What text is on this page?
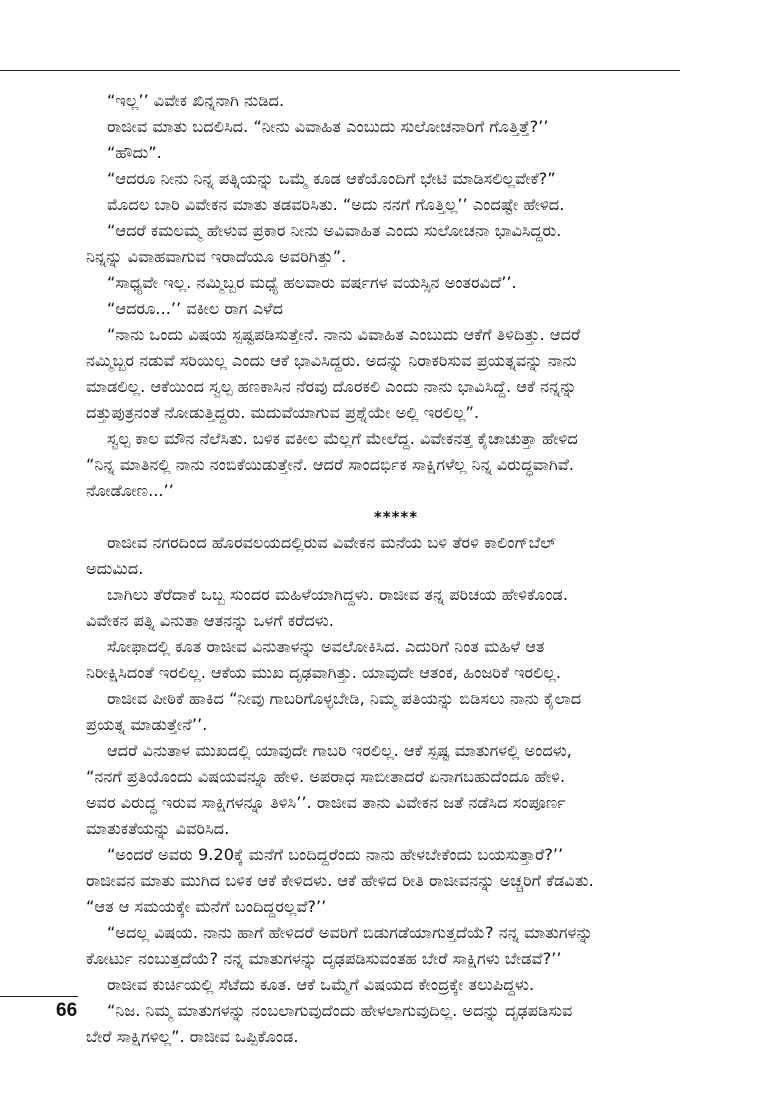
“ಇಲ್ಲ’’ ವಿವೇಕ ಖಿನ್ನನಾಗಿ ನುಡಿದ.
ರಾಜೀವ ಮಾತು ಬದಲಿಸಿದ. “ನೀನು ವಿವಾಹಿತ ಎಂಬುದು ಸುಲೋಚನಾರಿಗೆ ಗೊತ್ತಿತ್ತೆ?’’
“ಹೌದು”.
“ಆದರೂ ನೀನು ನಿನ್ನ ಪತ್ನಿಯನ್ನು ಒಮ್ಮೆ ಕೂಡ ಆಕೆಯೊಂದಿಗೆ ಭೇಟಿ ಮಾಡಿಸಲಿಲ್ಲವೇಕೆ?”
ಮೊದಲ ಬಾರಿ ವಿವೇಕನ ಮಾತು ತಡವರಿಸಿತು. “ಅದು ನನಗೆ ಗೊತ್ತಿಲ್ಲ’’ ಎಂದಷ್ಟೇ ಹೇಳಿದ.
“ಆದರೆ ಕಮಲಮ್ಮ ಹೇಳುವ ಪ್ರಕಾರ ನೀನು ಅವಿವಾಹಿತ ಎಂದು ಸುಲೋಚನಾ ಭಾವಿಸಿದ್ದರು.
ನಿನ್ನನ್ನು ವಿವಾಹವಾಗುವ ಇರಾದೆಯೂ ಅವರಿಗಿತ್ತು”.
“ಸಾಧ್ಯವೇ ಇಲ್ಲ. ನಮ್ಮಿಬ್ಬರ ಮಧ್ಯೆ ಹಲವಾರು ವರ್ಷಗಳ ವಯಸ್ಸಿನ ಅಂತರವಿದೆ’’.
“ಆದರೂ...’’ ವಕೀಲ ರಾಗ ಎಳೆದ
“ನಾನು ಒಂದು ವಿಷಯ ಸ್ಪಷ್ಟಪಡಿಸುತ್ತೇನೆ. ನಾನು ವಿವಾಹಿತ ಎಂಬುದು ಆಕೆಗೆ ತಿಳಿದಿತ್ತು. ಆದರೆ
ನಮ್ಮಿಬ್ಬರ ನಡುವೆ ಸರಿಯಿಲ್ಲ ಎಂದು ಆಕೆ ಭಾವಿಸಿದ್ದರು. ಅದನ್ನು ನಿರಾಕರಿಸುವ ಪ್ರಯತ್ನವನ್ನು ನಾನು
ಮಾಡಲಿಲ್ಲ. ಆಕೆಯಿಂದ ಸ್ವಲ್ಪ ಹಣಕಾಸಿನ ನೆರವು ದೊರಕಲಿ ಎಂದು ನಾನು ಭಾವಿಸಿದ್ದೆ. ಆಕೆ ನನ್ನನ್ನು
ದತ್ತುಪುತ್ರನಂತೆ ನೋಡುತ್ತಿದ್ದರು. ಮದುವೆಯಾಗುವ ಪ್ರಶ್ನೆಯೇ ಅಲ್ಲಿ ಇರಲಿಲ್ಲ”.
ಸ್ವಲ್ಪ ಕಾಲ ಮೌನ ನೆಲೆಸಿತು. ಬಳಿಕ ವಕೀಲ ಮೆಲ್ಲಗೆ ಮೇಲೆದ್ದ. ವಿವೇಕನತ್ತ ಕೈಚಾಚುತ್ತಾ ಹೇಳಿದ
“ನಿನ್ನ ಮಾತಿನಲ್ಲಿ ನಾನು ನಂಬಿಕೆಯಿಡುತ್ತೇನೆ. ಆದರೆ ಸಾಂದರ್ಭಿಕ ಸಾಕ್ಷಿಗಳೆಲ್ಲ ನಿನ್ನ ವಿರುದ್ಧವಾಗಿವೆ.
ನೋಡೋಣ...’’
*****
ರಾಜೀವ ನಗರದಿಂದ ಹೊರವಲಯದಲ್ಲಿರುವ ವಿವೇಕನ ಮನೆಯ ಬಳಿ ತೆರಳಿ ಕಾಲಿಂಗ್‌ಬೆಲ್
ಅದುಮಿದ.
ಬಾಗಿಲು ತೆರೆದಾಕೆ ಒಬ್ಬ ಸುಂದರ ಮಹಿಳೆಯಾಗಿದ್ದಳು. ರಾಜೀವ ತನ್ನ ಪರಿಚಯ ಹೇಳಿಕೊಂಡ.
ವಿವೇಕನ ಪತ್ನಿ ವಿನುತಾ ಆತನನ್ನು ಒಳಗೆ ಕರೆದಳು.
ಸೋಫಾದಲ್ಲಿ ಕೂತ ರಾಜೀವ ವಿನುತಾಳನ್ನು ಅವಲೋಕಿಸಿದ. ಎದುರಿಗೆ ನಿಂತ ಮಹಿಳೆ ಆತ
ನಿರೀಕ್ಷಿಸಿದಂತೆ ಇರಲಿಲ್ಲ. ಆಕೆಯ ಮುಖ ದೃಢವಾಗಿತ್ತು. ಯಾವುದೇ ಆತಂಕ, ಹಿಂಜರಿಕೆ ಇರಲಿಲ್ಲ.
ರಾಜೀವ ಪೀಠಿಕೆ ಹಾಕಿದ “ನೀವು ಗಾಬರಿಗೊಳ್ಳಬೇಡಿ, ನಿಮ್ಮ ಪತಿಯನ್ನು ಬಿಡಿಸಲು ನಾನು ಕೈಲಾದ
ಪ್ರಯತ್ನ ಮಾಡುತ್ತೇನೆ’’.
ಆದರೆ ವಿನುತಾಳ ಮುಖದಲ್ಲಿ ಯಾವುದೇ ಗಾಬರಿ ಇರಲಿಲ್ಲ. ಆಕೆ ಸ್ಪಷ್ಟ ಮಾತುಗಳಲ್ಲಿ ಅಂದಳು,
“ನನಗೆ ಪ್ರತಿಯೊಂದು ವಿಷಯವನ್ನೂ ಹೇಳಿ. ಅಪರಾಧ ಸಾಬೀತಾದರೆ ಏನಾಗಬಹುದೆಂದೂ ಹೇಳಿ.
ಅವರ ವಿರುದ್ಧ ಇರುವ ಸಾಕ್ಷಿಗಳನ್ನೂ ತಿಳಿಸಿ’’. ರಾಜೀವ ತಾನು ವಿವೇಕನ ಜತೆ ನಡೆಸಿದ ಸಂಪೂರ್ಣ
ಮಾತುಕತೆಯನ್ನು ವಿವರಿಸಿದ.
“ಅಂದರೆ ಅವರು 9.20ಕ್ಕೆ ಮನೆಗೆ ಬಂದಿದ್ದರೆಂದು ನಾನು ಹೇಳಬೇಕೆಂದು ಬಯಸುತ್ತಾರೆ?’’
ರಾಜೀವನ ಮಾತು ಮುಗಿದ ಬಳಿಕ ಆಕೆ ಕೇಳಿದಳು. ಆಕೆ ಹೇಳಿದ ರೀತಿ ರಾಜೀವನನ್ನು ಅಚ್ಚರಿಗೆ ಕೆಡವಿತು.
“ಆತ ಆ ಸಮಯಕ್ಕೇ ಮನೆಗೆ ಬಂದಿದ್ದರಲ್ಲವೆ?’’
“ಅದಲ್ಲ ವಿಷಯ. ನಾನು ಹಾಗೆ ಹೇಳಿದರೆ ಅವರಿಗೆ ಬಿಡುಗಡೆಯಾಗುತ್ತದೆಯೆ? ನನ್ನ ಮಾತುಗಳನ್ನು
ಕೋರ್ಟು ನಂಬುತ್ತದೆಯೆ? ನನ್ನ ಮಾತುಗಳನ್ನು ದೃಢಪಡಿಸುವಂತಹ ಬೇರೆ ಸಾಕ್ಷಿಗಳು ಬೇಡವೆ?’’
ರಾಜೀವ ಕುರ್ಚಿಯಲ್ಲಿ ಸೆಟೆದು ಕೂತ. ಆಕೆ ಒಮ್ಮೆಗೆ ವಿಷಯದ ಕೇಂದ್ರಕ್ಕೇ ತಲುಪಿದ್ದಳು.
“ನಿಜ. ನಿಮ್ಮ ಮಾತುಗಳನ್ನು ನಂಬಲಾಗುವುದೆಂದು ಹೇಳಲಾಗುವುದಿಲ್ಲ. ಅದನ್ನು ದೃಢಪಡಿಸುವ
ಬೇರೆ ಸಾಕ್ಷಿಗಳಿಲ್ಲ”. ರಾಜೀವ ಒಪ್ಪಿಕೊಂಡ.
66
